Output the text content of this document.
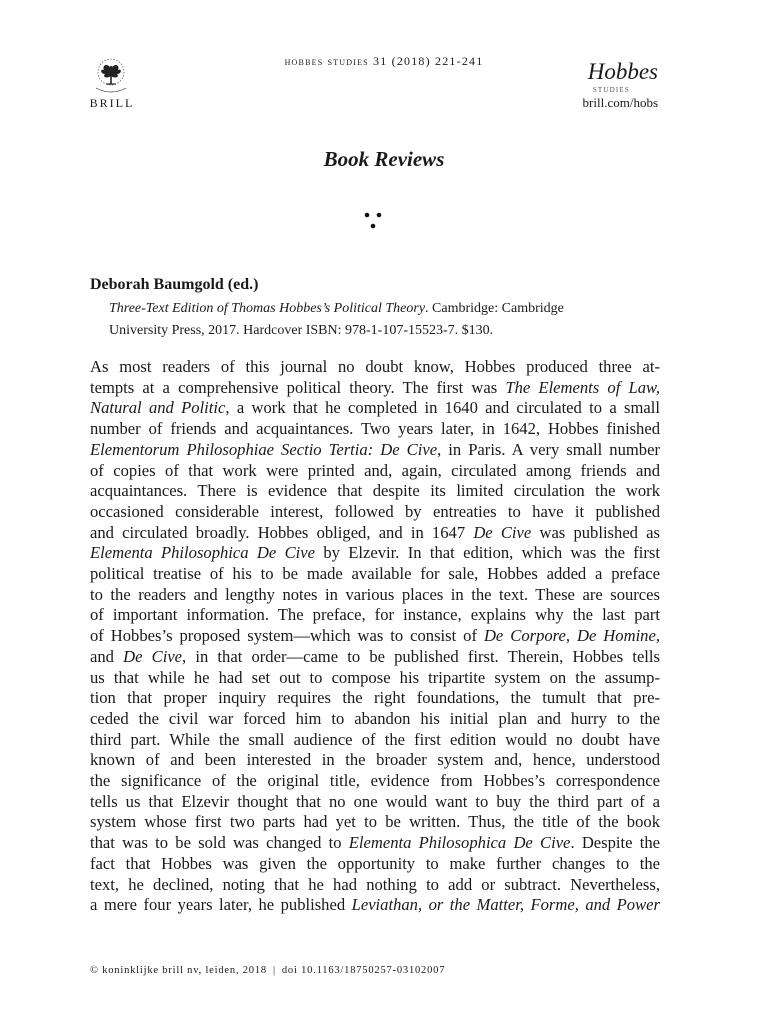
BRILL
hobbes studies 31 (2018) 221-241	Hobbes
STUDIES
brill.com/hobs
Book Reviews
Deborah Baumgold (ed.)
Three-Text Edition of Thomas Hobbes’s Political Theory. Cambridge: Cambridge
University Press, 2017. Hardcover ISBN: 978-1-107-15523-7. $130.
As most readers of this journal no doubt know, Hobbes produced three at-
tempts at a comprehensive political theory. The first was The Elements of Law,
Natural and Politic, a work that he completed in 1640 and circulated to a small
number of friends and acquaintances. Two years later, in 1642, Hobbes finished
Elementorum Philosophiae Sectio Tertia: De Cive, in Paris. A very small number
of copies of that work were printed and, again, circulated among friends and
acquaintances. There is evidence that despite its limited circulation the work
occasioned considerable interest, followed by entreaties to have it published
and circulated broadly. Hobbes obliged, and in 1647 De Cive was published as
Elementa Philosophica De Cive by Elzevir. In that edition, which was the first
political treatise of his to be made available for sale, Hobbes added a preface
to the readers and lengthy notes in various places in the text. These are sources
of important information. The preface, for instance, explains why the last part
of Hobbes’s proposed system—which was to consist of De Corpore, De Homine,
and De Cive, in that order—came to be published first. Therein, Hobbes tells
us that while he had set out to compose his tripartite system on the assump-
tion that proper inquiry requires the right foundations, the tumult that pre-
ceded the civil war forced him to abandon his initial plan and hurry to the
third part. While the small audience of the first edition would no doubt have
known of and been interested in the broader system and, hence, understood
the significance of the original title, evidence from Hobbes’s correspondence
tells us that Elzevir thought that no one would want to buy the third part of a
system whose first two parts had yet to be written. Thus, the title of the book
that was to be sold was changed to Elementa Philosophica De Cive. Despite the
fact that Hobbes was given the opportunity to make further changes to the
text, he declined, noting that he had nothing to add or subtract. Nevertheless,
a mere four years later, he published Leviathan, or the Matter, Forme, and Power
© koninklijke brill nv, leiden, 2018 | doi 10.1163/18750257-03102007
